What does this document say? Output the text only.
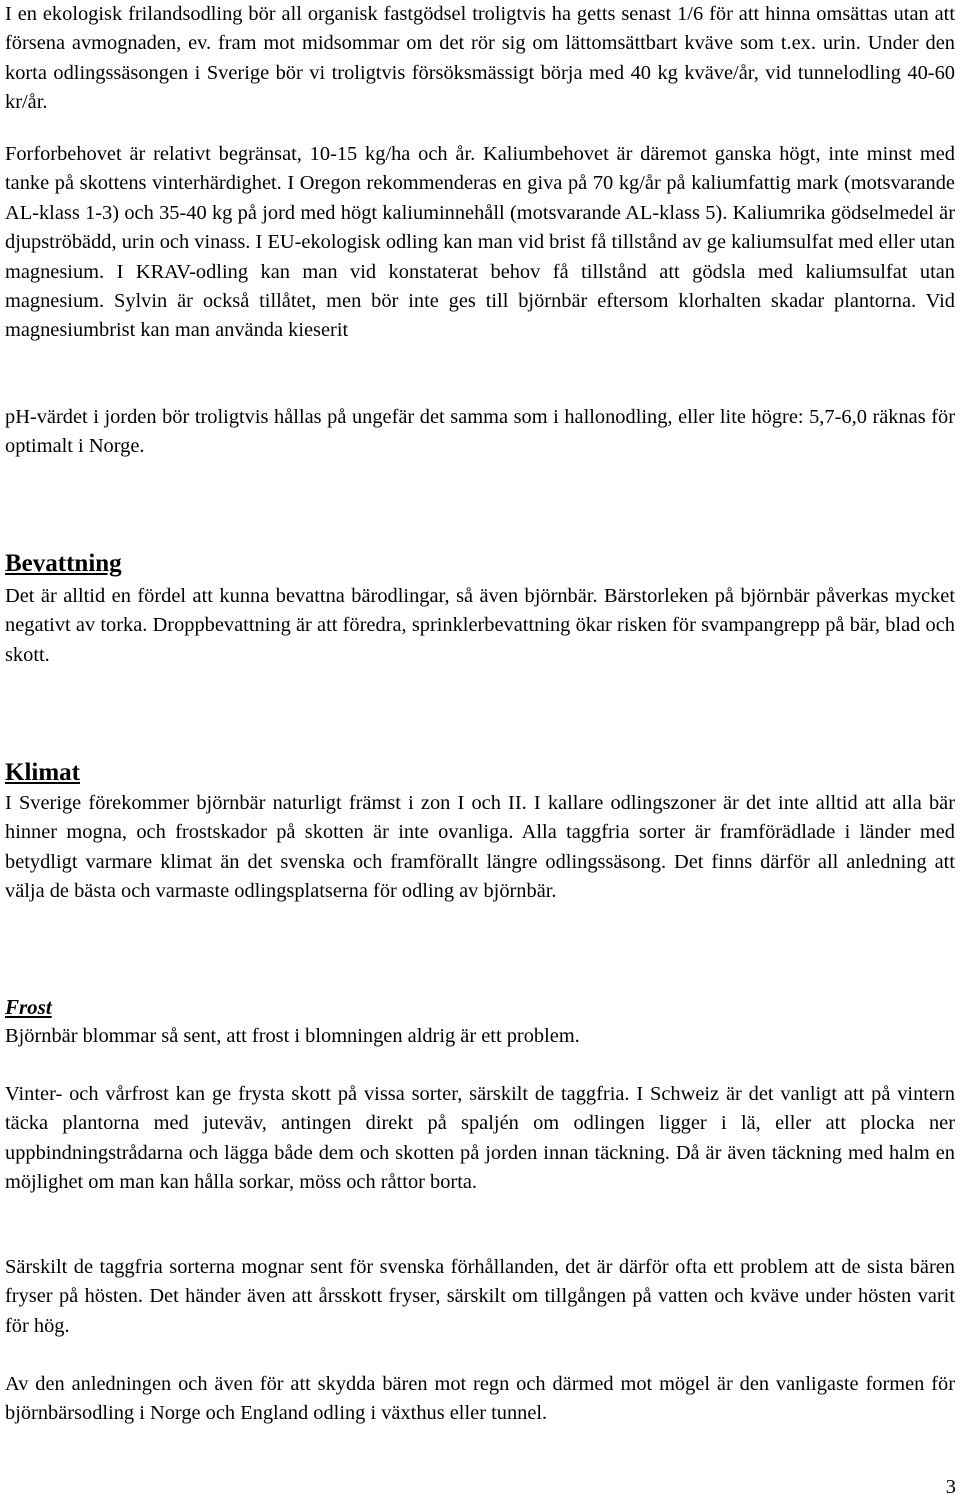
I en ekologisk frilandsodling bör all organisk fastgödsel troligtvis ha getts senast 1/6 för att hinna omsättas utan att försena avmognaden, ev. fram mot midsommar om det rör sig om lättomsättbart kväve som t.ex. urin. Under den korta odlingssäsongen i Sverige bör vi troligtvis försöksmässigt börja med 40 kg kväve/år, vid tunnelodling 40-60 kr/år.

Forforbehovet är relativt begränsat, 10-15 kg/ha och år. Kaliumbehovet är däremot ganska högt, inte minst med tanke på skottens vinterhärdighet. I Oregon rekommenderas en giva på 70 kg/år på kaliumfattig mark (motsvarande AL-klass 1-3) och 35-40 kg på jord med högt kaliuminnehåll (motsvarande AL-klass 5). Kaliumrika gödselmedel är djupströbädd, urin och vinass. I EU-ekologisk odling kan man vid brist få tillstånd av ge kaliumsulfat med eller utan magnesium. I KRAV-odling kan man vid konstaterat behov få tillstånd att gödsla med kaliumsulfat utan magnesium. Sylvin är också tillåtet, men bör inte ges till björnbär eftersom klorhalten skadar plantorna. Vid magnesiumbrist kan man använda kieserit

pH-värdet i jorden bör troligtvis hållas på ungefär det samma som i hallonodling, eller lite högre: 5,7-6,0 räknas för optimalt i Norge.

Bevattning

Det är alltid en fördel att kunna bevattna bärodlingar, så även björnbär. Bärstorleken på björnbär påverkas mycket negativt av torka. Droppbevattning är att föredra, sprinklerbevattning ökar risken för svampangrepp på bär, blad och skott.

Klimat

I Sverige förekommer björnbär naturligt främst i zon I och II. I kallare odlingszoner är det inte alltid att alla bär hinner mogna, och frostskador på skotten är inte ovanliga. Alla taggfria sorter är framförädlade i länder med betydligt varmare klimat än det svenska och framförallt längre odlingssäsong. Det finns därför all anledning att välja de bästa och varmaste odlingsplatserna för odling av björnbär.

Frost

Björnbär blommar så sent, att frost i blomningen aldrig är ett problem.

Vinter- och vårfrost kan ge frysta skott på vissa sorter, särskilt de taggfria. I Schweiz är det vanligt att på vintern täcka plantorna med juteväv, antingen direkt på spaljén om odlingen ligger i lä, eller att plocka ner uppbindningstrådarna och lägga både dem och skotten på jorden innan täckning. Då är även täckning med halm en möjlighet om man kan hålla sorkar, möss och råttor borta.

Särskilt de taggfria sorterna mognar sent för svenska förhållanden, det är därför ofta ett problem att de sista bären fryser på hösten. Det händer även att årsskott fryser, särskilt om tillgången på vatten och kväve under hösten varit för hög.

Av den anledningen och även för att skydda bären mot regn och därmed mot mögel är den vanligaste formen för björnbärsodling i Norge och England odling i växthus eller tunnel.

3
